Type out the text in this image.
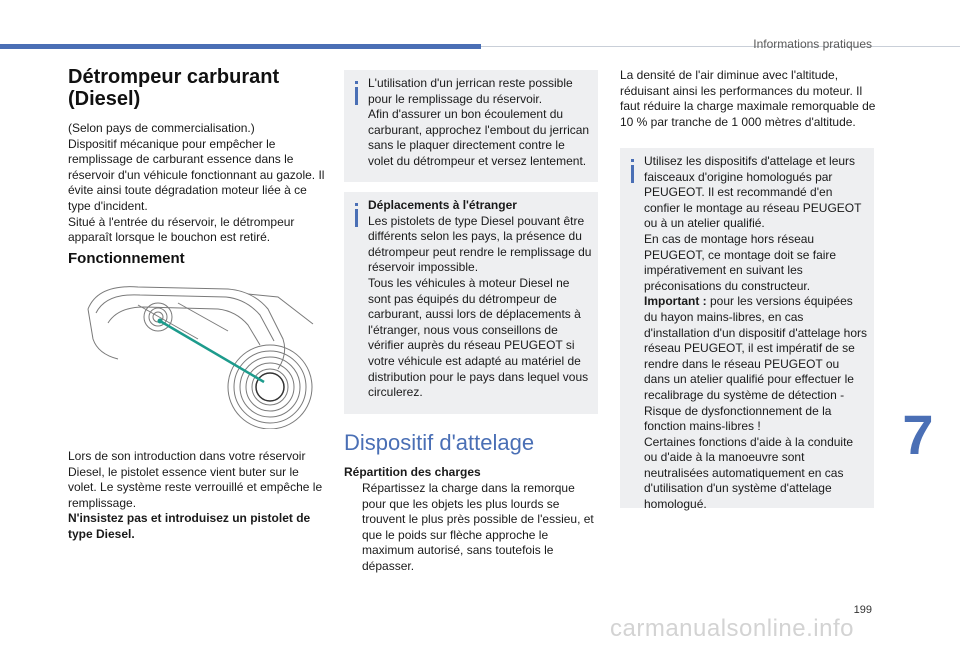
Informations pratiques
Détrompeur carburant (Diesel)

(Selon pays de commercialisation.)
Dispositif mécanique pour empêcher le remplissage de carburant essence dans le réservoir d'un véhicule fonctionnant au gazole. Il évite ainsi toute dégradation moteur liée à ce type d'incident.
Situé à l'entrée du réservoir, le détrompeur apparaît lorsque le bouchon est retiré.

Fonctionnement

Lors de son introduction dans votre réservoir Diesel, le pistolet essence vient buter sur le volet. Le système reste verrouillé et empêche le remplissage.
N'insistez pas et introduisez un pistolet de type Diesel.

L'utilisation d'un jerrican reste possible pour le remplissage du réservoir.
Afin d'assurer un bon écoulement du carburant, approchez l'embout du jerrican sans le plaquer directement contre le volet du détrompeur et versez lentement.
Déplacements à l'étranger
Les pistolets de type Diesel pouvant être différents selon les pays, la présence du détrompeur peut rendre le remplissage du réservoir impossible.
Tous les véhicules à moteur Diesel ne sont pas équipés du détrompeur de carburant, aussi lors de déplacements à l'étranger, nous vous conseillons de vérifier auprès du réseau PEUGEOT si votre véhicule est adapté au matériel de distribution pour le pays dans lequel vous circulerez.
Dispositif d'attelage
Répartition des charges
Répartissez la charge dans la remorque pour que les objets les plus lourds se trouvent le plus près possible de l'essieu, et que le poids sur flèche approche le maximum autorisé, sans toutefois le dépasser.

La densité de l'air diminue avec l'altitude, réduisant ainsi les performances du moteur. Il faut réduire la charge maximale remorquable de 10 % par tranche de 1 000 mètres d'altitude.

Utilisez les dispositifs d'attelage et leurs faisceaux d'origine homologués par PEUGEOT. Il est recommandé d'en confier le montage au réseau PEUGEOT ou à un atelier qualifié.
En cas de montage hors réseau PEUGEOT, ce montage doit se faire impérativement en suivant les préconisations du constructeur.
Important : pour les versions équipées du hayon mains-libres, en cas d'installation d'un dispositif d'attelage hors réseau PEUGEOT, il est impératif de se rendre dans le réseau PEUGEOT ou dans un atelier qualifié pour effectuer le recalibrage du système de détection - Risque de dysfonctionnement de la fonction mains-libres !
Certaines fonctions d'aide à la conduite ou d'aide à la manoeuvre sont neutralisées automatiquement en cas d'utilisation d'un système d'attelage homologué.
7
199
carmanualsonline.info
